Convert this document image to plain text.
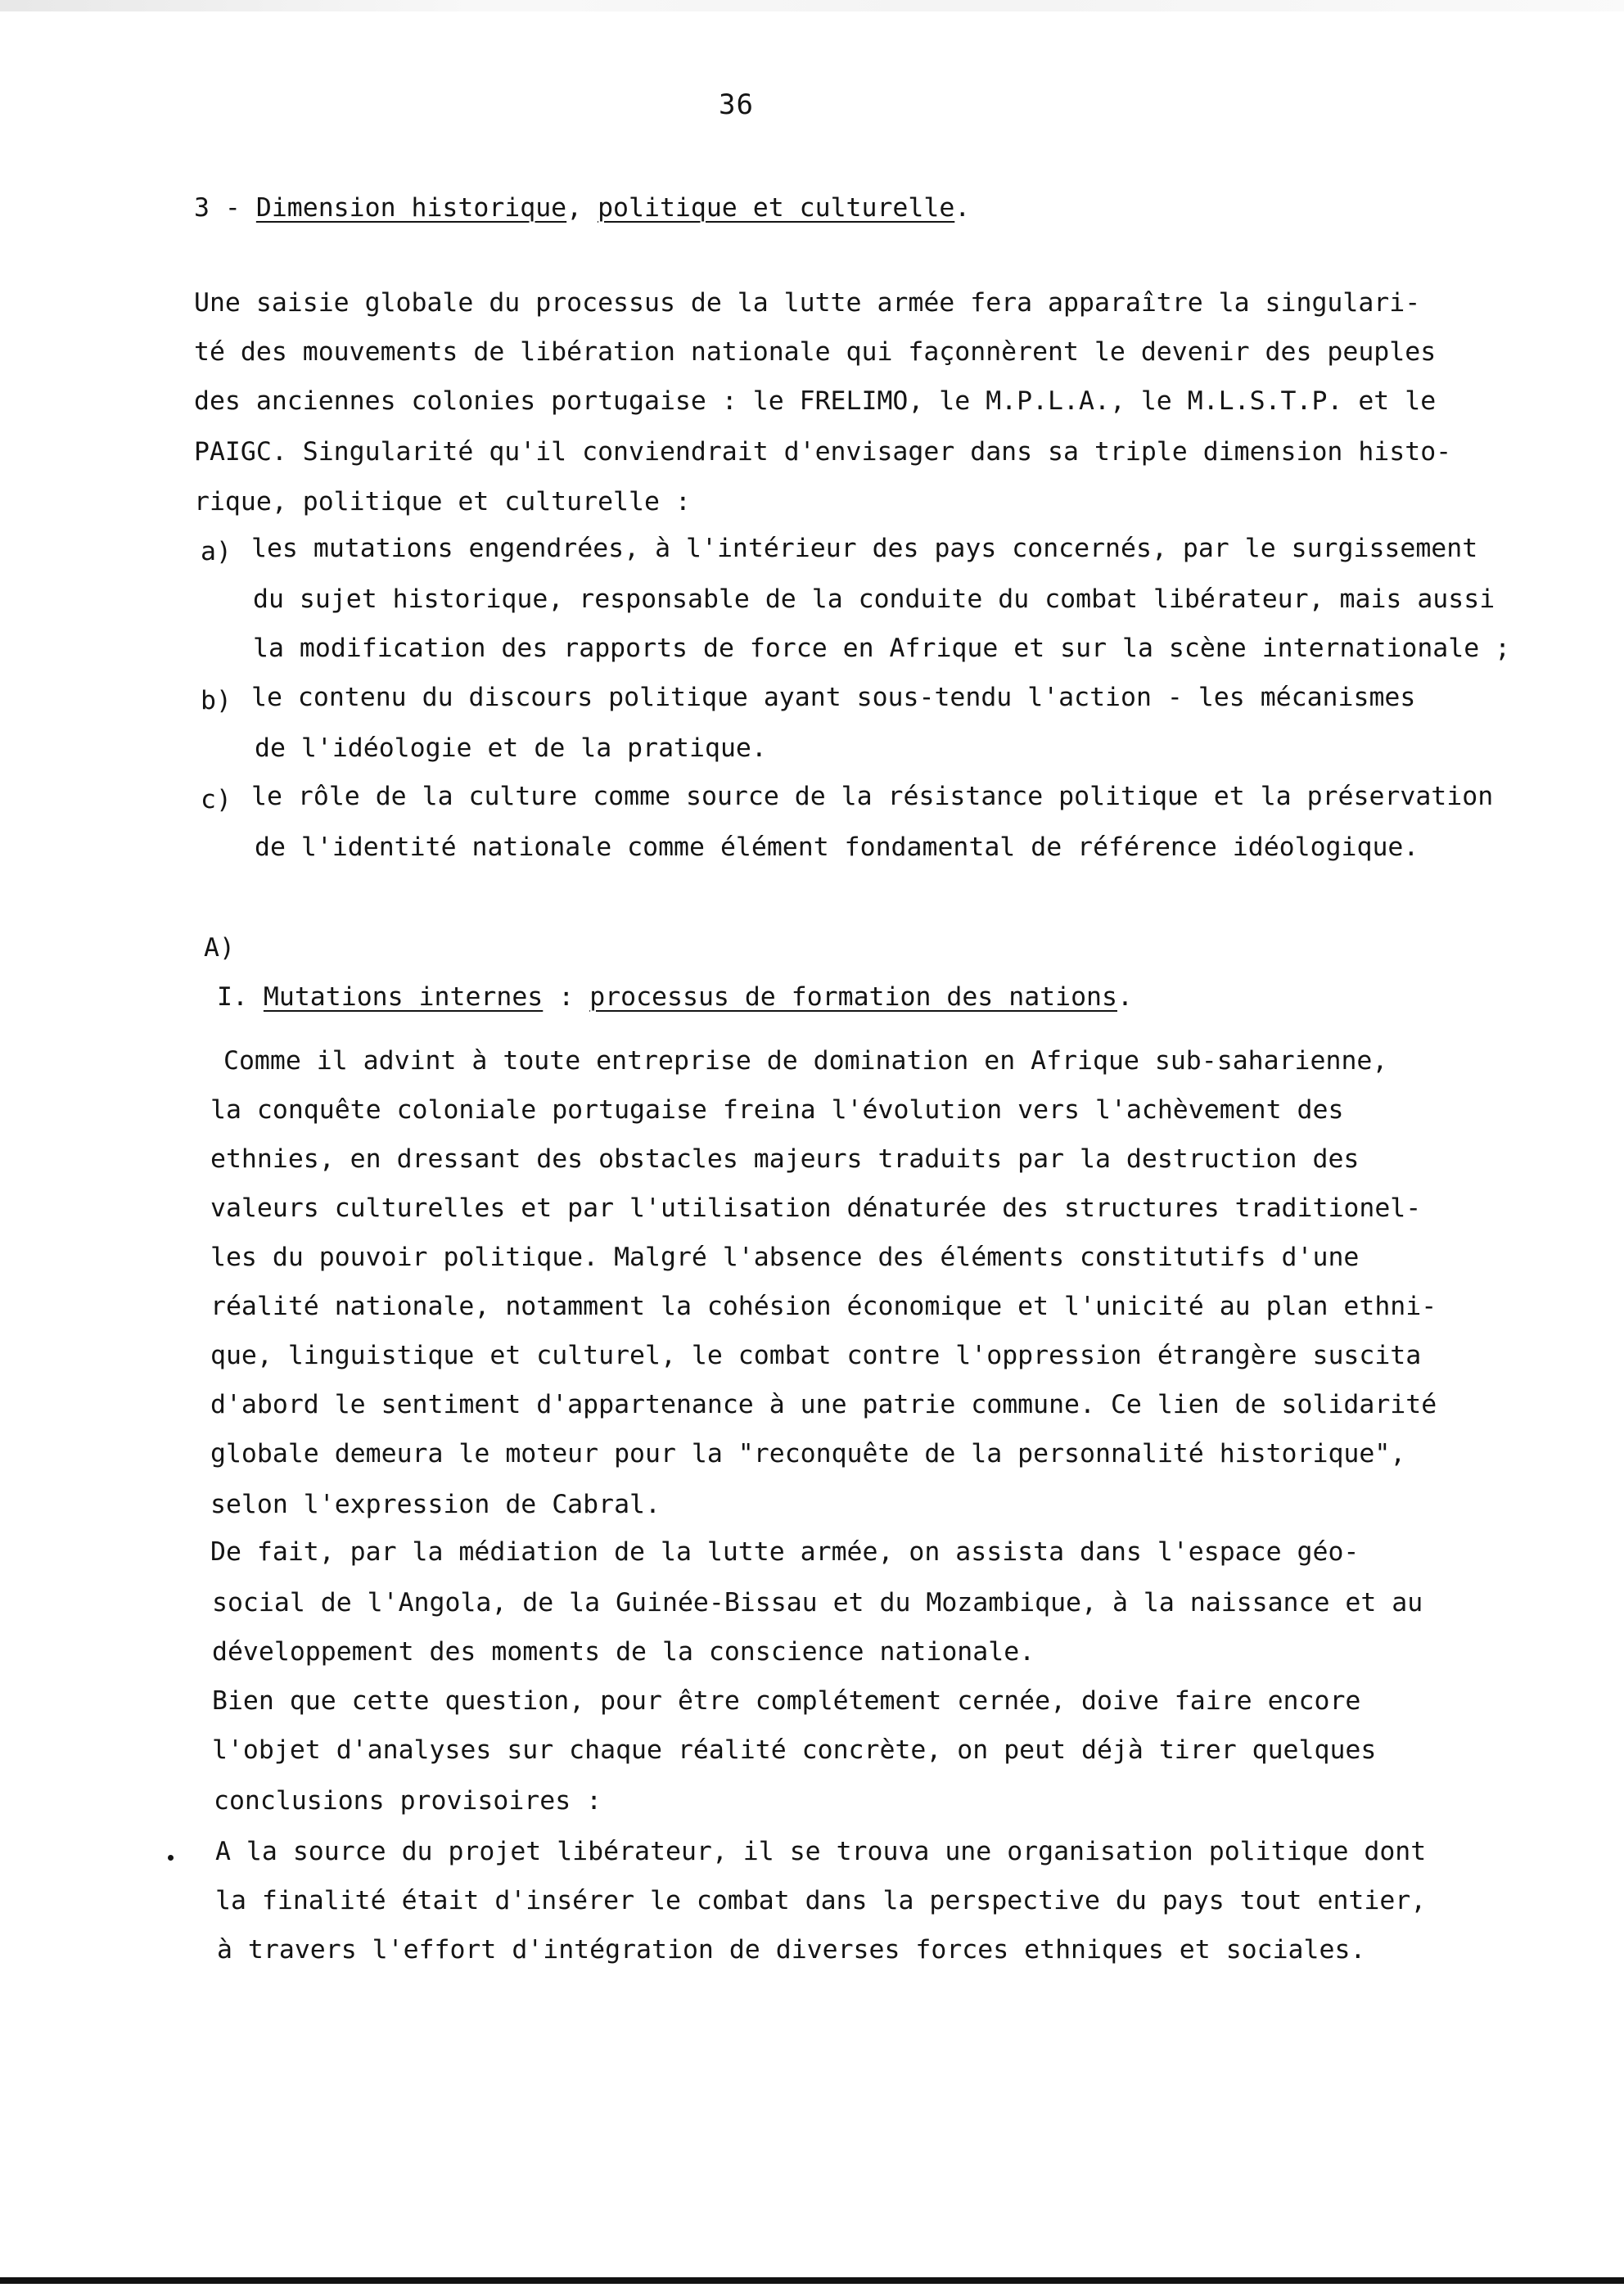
36
3 - Dimension historique, politique et culturelle.
Une saisie globale du processus de la lutte armée fera apparaître la singulari-
té des mouvements de libération nationale qui façonnèrent le devenir des peuples
des anciennes colonies portugaise : le FRELIMO, le M.P.L.A., le M.L.S.T.P. et le
PAIGC. Singularité qu'il conviendrait d'envisager dans sa triple dimension histo-
rique, politique et culturelle :
a) les mutations engendrées, à l'intérieur des pays concernés, par le surgissement
du sujet historique, responsable de la conduite du combat libérateur, mais aussi
la modification des rapports de force en Afrique et sur la scène internationale ;
b) le contenu du discours politique ayant sous-tendu l'action - les mécanismes
de l'idéologie et de la pratique.
c) le rôle de la culture comme source de la résistance politique et la préservation
de l'identité nationale comme élément fondamental de référence idéologique.
A)
I. Mutations internes : processus de formation des nations.
Comme il advint à toute entreprise de domination en Afrique sub-saharienne,
la conquête coloniale portugaise freina l'évolution vers l'achèvement des
ethnies, en dressant des obstacles majeurs traduits par la destruction des
valeurs culturelles et par l'utilisation dénaturée des structures traditionel-
les du pouvoir politique. Malgré l'absence des éléments constitutifs d'une
réalité nationale, notamment la cohésion économique et l'unicité au plan ethni-
que, linguistique et culturel, le combat contre l'oppression étrangère suscita
d'abord le sentiment d'appartenance à une patrie commune. Ce lien de solidarité
globale demeura le moteur pour la "reconquête de la personnalité historique",
selon l'expression de Cabral.
De fait, par la médiation de la lutte armée, on assista dans l'espace géo-
social de l'Angola, de la Guinée-Bissau et du Mozambique, à la naissance et au
développement des moments de la conscience nationale.
Bien que cette question, pour être complétement cernée, doive faire encore
l'objet d'analyses sur chaque réalité concrète, on peut déjà tirer quelques
conclusions provisoires :
A la source du projet libérateur, il se trouva une organisation politique dont
la finalité était d'insérer le combat dans la perspective du pays tout entier,
à travers l'effort d'intégration de diverses forces ethniques et sociales.
